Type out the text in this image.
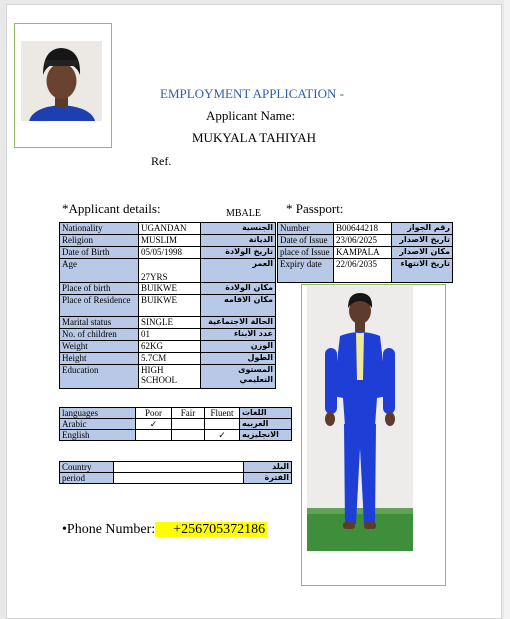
EMPLOYMENT APPLICATION -
Applicant Name:
MUKYALA TAHIYAH
Ref.
*Applicant details:	* Passport:
MBALE
Nationality	UGANDAN	الجنسية
Religion	MUSLIM	الديانة
Date of Birth	05/05/1998	تاريخ الولادة
Age	27YRS	العمر
Place of birth	BUIKWE	مكان الولادة
Place of Residence	BUIKWE	مكان الاقامه
Marital status	SINGLE	الحالة الاجتماعية
No. of children	01	عدد الابناء
Weight	62KG	الوزن
Height	5.7CM	الطول
Education	HIGH SCHOOL	المستوى التعليمي
Number	B00644218	رقم الجواز
Date of Issue	23/06/2025	تاريخ الاصدار
place of Issue	KAMPALA	مكان الاصدار
Expiry date	22/06/2035	تاريخ الانتهاء
languages	Poor	Fair	Fluent	اللغات
Arabic	✓			العربيه
English			✓	الانجليزيه
Country		البلد
period		الفترة
•Phone Number: +256705372186
